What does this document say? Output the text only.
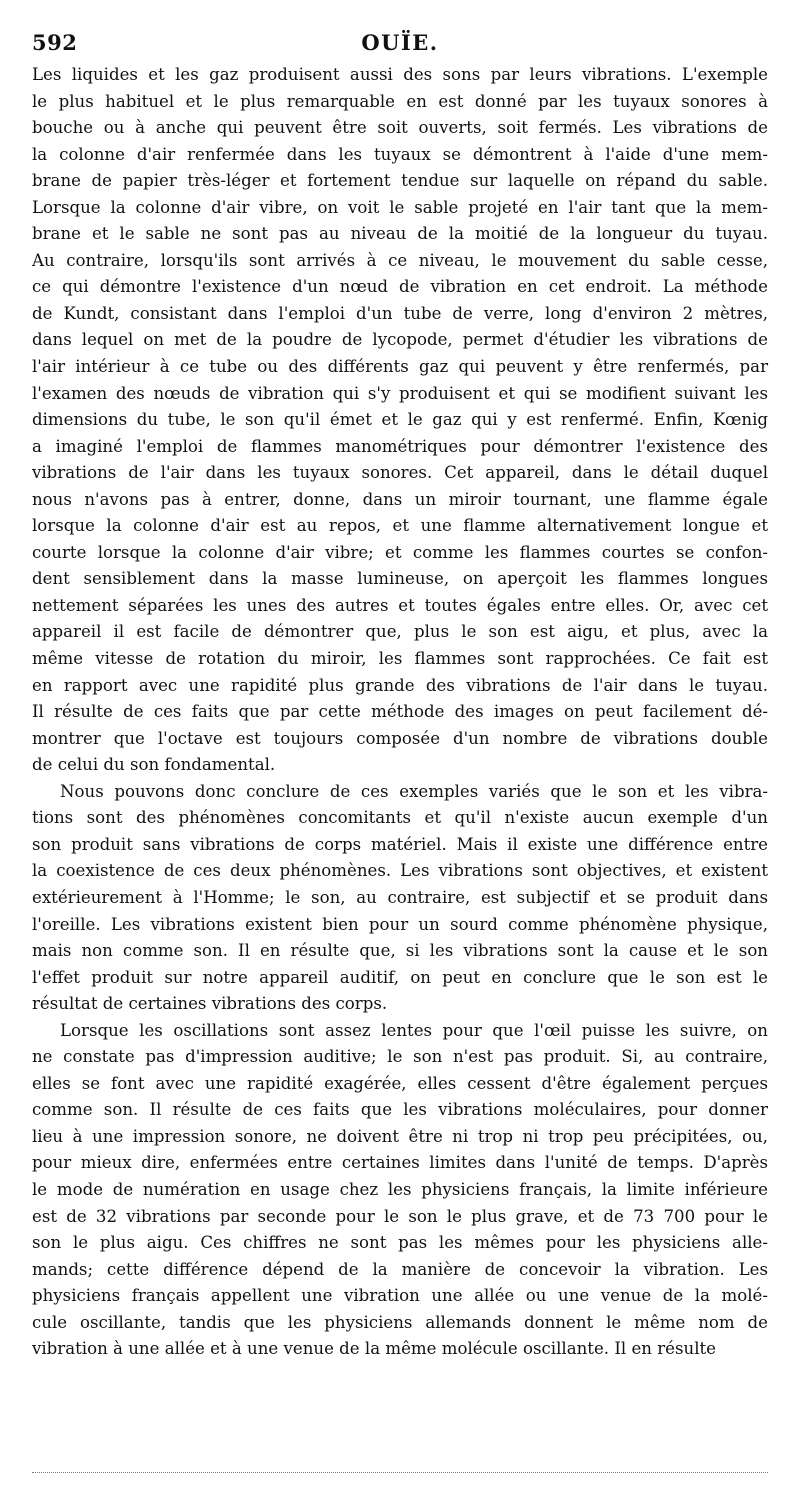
592	OUÏE.
Les liquides et les gaz produisent aussi des sons par leurs vibrations. L'exemple
le plus habituel et le plus remarquable en est donné par les tuyaux sonores à
bouche ou à anche qui peuvent être soit ouverts, soit fermés. Les vibrations de
la colonne d'air renfermée dans les tuyaux se démontrent à l'aide d'une mem-
brane de papier très-léger et fortement tendue sur laquelle on répand du sable.
Lorsque la colonne d'air vibre, on voit le sable projeté en l'air tant que la mem-
brane et le sable ne sont pas au niveau de la moitié de la longueur du tuyau.
Au contraire, lorsqu'ils sont arrivés à ce niveau, le mouvement du sable cesse,
ce qui démontre l'existence d'un nœud de vibration en cet endroit. La méthode
de Kundt, consistant dans l'emploi d'un tube de verre, long d'environ 2 mètres,
dans lequel on met de la poudre de lycopode, permet d'étudier les vibrations de
l'air intérieur à ce tube ou des différents gaz qui peuvent y être renfermés, par
l'examen des nœuds de vibration qui s'y produisent et qui se modifient suivant les
dimensions du tube, le son qu'il émet et le gaz qui y est renfermé. Enfin, Kœnig
a imaginé l'emploi de flammes manométriques pour démontrer l'existence des
vibrations de l'air dans les tuyaux sonores. Cet appareil, dans le détail duquel
nous n'avons pas à entrer, donne, dans un miroir tournant, une flamme égale
lorsque la colonne d'air est au repos, et une flamme alternativement longue et
courte lorsque la colonne d'air vibre; et comme les flammes courtes se confon-
dent sensiblement dans la masse lumineuse, on aperçoit les flammes longues
nettement séparées les unes des autres et toutes égales entre elles. Or, avec cet
appareil il est facile de démontrer que, plus le son est aigu, et plus, avec la
même vitesse de rotation du miroir, les flammes sont rapprochées. Ce fait est
en rapport avec une rapidité plus grande des vibrations de l'air dans le tuyau.
Il résulte de ces faits que par cette méthode des images on peut facilement dé-
montrer que l'octave est toujours composée d'un nombre de vibrations double
de celui du son fondamental.
Nous pouvons donc conclure de ces exemples variés que le son et les vibra-
tions sont des phénomènes concomitants et qu'il n'existe aucun exemple d'un
son produit sans vibrations de corps matériel. Mais il existe une différence entre
la coexistence de ces deux phénomènes. Les vibrations sont objectives, et existent
extérieurement à l'Homme; le son, au contraire, est subjectif et se produit dans
l'oreille. Les vibrations existent bien pour un sourd comme phénomène physique,
mais non comme son. Il en résulte que, si les vibrations sont la cause et le son
l'effet produit sur notre appareil auditif, on peut en conclure que le son est le
résultat de certaines vibrations des corps.
Lorsque les oscillations sont assez lentes pour que l'œil puisse les suivre, on
ne constate pas d'impression auditive; le son n'est pas produit. Si, au contraire,
elles se font avec une rapidité exagérée, elles cessent d'être également perçues
comme son. Il résulte de ces faits que les vibrations moléculaires, pour donner
lieu à une impression sonore, ne doivent être ni trop ni trop peu précipitées, ou,
pour mieux dire, enfermées entre certaines limites dans l'unité de temps. D'après
le mode de numération en usage chez les physiciens français, la limite inférieure
est de 32 vibrations par seconde pour le son le plus grave, et de 73 700 pour le
son le plus aigu. Ces chiffres ne sont pas les mêmes pour les physiciens alle-
mands; cette différence dépend de la manière de concevoir la vibration. Les
physiciens français appellent une vibration une allée ou une venue de la molé-
cule oscillante, tandis que les physiciens allemands donnent le même nom de
vibration à une allée et à une venue de la même molécule oscillante. Il en résulte
